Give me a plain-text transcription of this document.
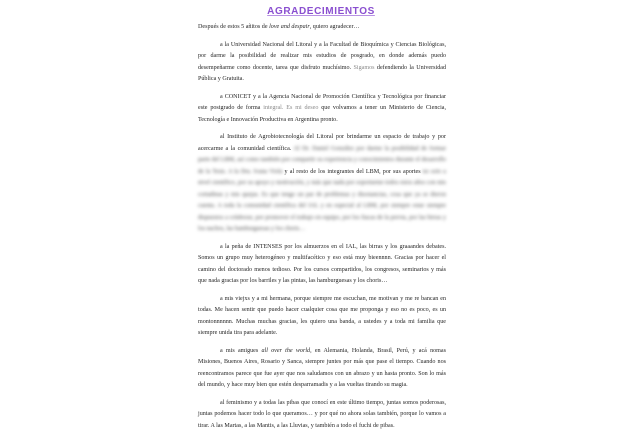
AGRADECIMIENTOS

Después de estos 5 añitos de love and despair, quiero agradecer…

a la Universidad Nacional del Litoral y a la Facultad de Bioquímica y Ciencias Biológicas, por darme la posibilidad de realizar mis estudios de posgrado, en donde además puedo desempeñarme como docente, tarea que disfruto muchísimo. Sigamos defendiendo la Universidad Pública y Gratuita.

a CONICET y a la Agencia Nacional de Promoción Científica y Tecnológica por financiar este postgrado de forma integral. Es mi deseo que volvamos a tener un Ministerio de Ciencia, Tecnología e Innovación Productiva en Argentina pronto.

al Instituto de Agrobiotecnología del Litoral por brindarme un espacio de trabajo y por acercarme a la comunidad científica. Al Dr. Daniel González por darme la posibilidad de formar parte del LBM, así como también por compartir su experiencia y conocimientos durante el desarrollo de la Tesis. A la Dra. Ivana Viola y al resto de los integrantes del LBM, por sus aportes no solo a nivel científico, por su apoyo y motivación, y más que nada por soportarme todos estos años con mis cortadinas y mis quejas. Es que tengo un par de problemas y disonancias, cosa que ya se dieron cuenta. A toda la comunidad científica del IAL y en especial al LBM, por siempre estar siempre dispuestos a colaborar, por promover el trabajo en equipo, por los fiacas de la previa, por las birras y los nachos, las hamburguesas y los choris…

a la peña de INTENSES por los almuerzos en el IAL, las birras y los graaandes debates. Somos un grupo muy heterogéneo y multifacético y eso está muy bieennnn. Gracias por hacer el camino del doctorado menos tedioso. Por los cursos compartidos, los congresos, seminarios y más que nada gracias por los barriles y las pintas, las hamburguesas y los choris…

a mis viejxs y a mi hermana, porque siempre me escuchan, me motivan y me re bancan en todas. Me hacen sentir que puedo hacer cualquier cosa que me proponga y eso no es poco, es un montonnnnnn. Muchas muchas gracias, les quiero una banda, a ustedes y a toda mi familia que siempre unida tira para adelante.

a mis amigues all over the world, en Alemania, Holanda, Brasil, Perú, y acá nomas Misiones, Buenos Aires, Rosario y Sanca, siempre juntes por más que pase el tiempo. Cuando nos reencontramos parece que fue ayer que nos saludamos con un abrazo y un hasta pronto. Son lo más del mundo, y hace muy bien que estén desparramadis y a las vueltas tirando su magia.

al feminismo y a todas las pibas que conocí en este último tiempo, juntas somos poderosas, juntas podemos hacer todo lo que queramos… y por qué no ahora solas también, porque lo vamos a tirar. A las Martas, a las Mantis, a las Lluvias, y también a todo el fuchi de pibas.
